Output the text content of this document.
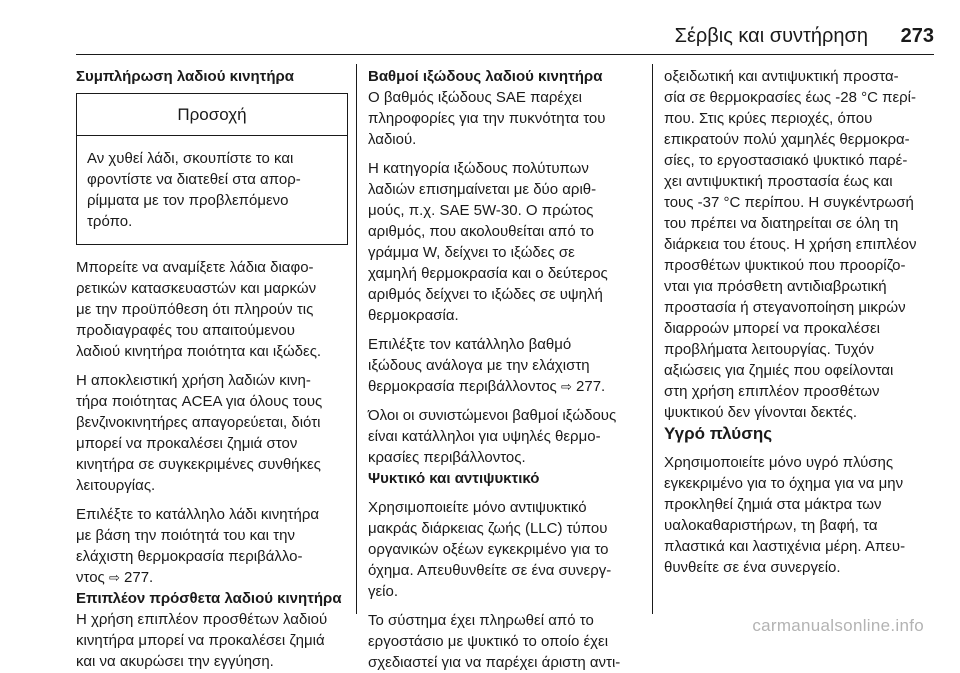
Σέρβις και συντήρηση 273

Συμπλήρωση λαδιού κινητήρα

Προσοχή
Αν χυθεί λάδι, σκουπίστε το και
φροντίστε να διατεθεί στα απορ-
ρίμματα με τον προβλεπόμενο
τρόπο.
Μπορείτε να αναμίξετε λάδια διαφο-
ρετικών κατασκευαστών και μαρκών
με την προϋπόθεση ότι πληρούν τις
προδιαγραφές του απαιτούμενου
λαδιού κινητήρα ποιότητα και ιξώδες.
Η αποκλειστική χρήση λαδιών κινη-
τήρα ποιότητας ACEA για όλους τους
βενζινοκινητήρες απαγορεύεται, διότι
μπορεί να προκαλέσει ζημιά στον
κινητήρα σε συγκεκριμένες συνθήκες
λειτουργίας.
Επιλέξτε το κατάλληλο λάδι κινητήρα
με βάση την ποιότητά του και την
ελάχιστη θερμοκρασία περιβάλλο-
ντος ⇨ 277.

Επιπλέον πρόσθετα λαδιού κινητήρα

Η χρήση επιπλέον προσθέτων λαδιού
κινητήρα μπορεί να προκαλέσει ζημιά
και να ακυρώσει την εγγύηση.

Βαθμοί ιξώδους λαδιού κινητήρα

Ο βαθμός ιξώδους SAE παρέχει
πληροφορίες για την πυκνότητα του
λαδιού.
Η κατηγορία ιξώδους πολύτυπων
λαδιών επισημαίνεται με δύο αριθ-
μούς, π.χ. SAE 5W-30. Ο πρώτος
αριθμός, που ακολουθείται από το
γράμμα W, δείχνει το ιξώδες σε
χαμηλή θερμοκρασία και ο δεύτερος
αριθμός δείχνει το ιξώδες σε υψηλή
θερμοκρασία.
Επιλέξτε τον κατάλληλο βαθμό
ιξώδους ανάλογα με την ελάχιστη
θερμοκρασία περιβάλλοντος ⇨ 277.
Όλοι οι συνιστώμενοι βαθμοί ιξώδους
είναι κατάλληλοι για υψηλές θερμο-
κρασίες περιβάλλοντος.

Ψυκτικό και αντιψυκτικό

Χρησιμοποιείτε μόνο αντιψυκτικό
μακράς διάρκειας ζωής (LLC) τύπου
οργανικών οξέων εγκεκριμένο για το
όχημα. Απευθυνθείτε σε ένα συνεργ-
γείο.
Το σύστημα έχει πληρωθεί από το
εργοστάσιο με ψυκτικό το οποίο έχει
σχεδιαστεί για να παρέχει άριστη αντι-
οξειδωτική και αντιψυκτική προστα-
σία σε θερμοκρασίες έως -28 °C περί-
που. Στις κρύες περιοχές, όπου
επικρατούν πολύ χαμηλές θερμοκρα-
σίες, το εργοστασιακό ψυκτικό παρέ-
χει αντιψυκτική προστασία έως και
τους -37 °C περίπου. Η συγκέντρωσή
του πρέπει να διατηρείται σε όλη τη
διάρκεια του έτους. Η χρήση επιπλέον
προσθέτων ψυκτικού που προορίζο-
νται για πρόσθετη αντιδιαβρωτική
προστασία ή στεγανοποίηση μικρών
διαρροών μπορεί να προκαλέσει
προβλήματα λειτουργίας. Τυχόν
αξιώσεις για ζημιές που οφείλονται
στη χρήση επιπλέον προσθέτων
ψυκτικού δεν γίνονται δεκτές.

Υγρό πλύσης

Χρησιμοποιείτε μόνο υγρό πλύσης
εγκεκριμένο για το όχημα για να μην
προκληθεί ζημιά στα μάκτρα των
υαλοκαθαριστήρων, τη βαφή, τα
πλαστικά και λαστιχένια μέρη. Απευ-
θυνθείτε σε ένα συνεργείο.
carmanualsonline.info
